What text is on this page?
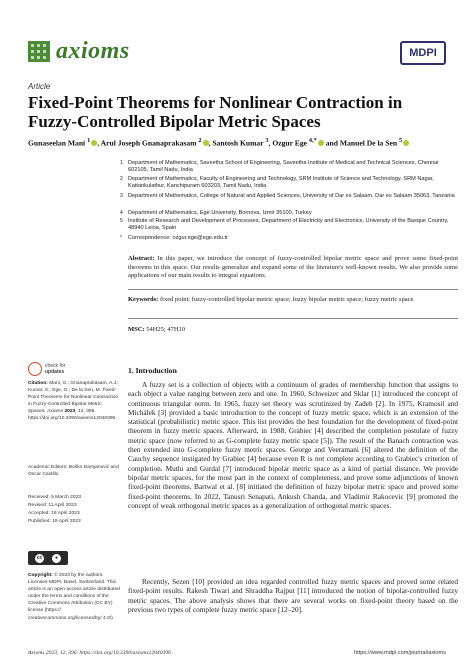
axioms	MDPI
Article
Fixed-Point Theorems for Nonlinear Contraction in Fuzzy-Controlled Bipolar Metric Spaces
Gunaseelan Mani $^1$ , Arul Joseph Gnanaprakasam $^2$ , Santosh Kumar $^3$, Ozgur Ege $^{4,*}$ and Manuel De la Sen $^5$
1 Department of Mathematics, Saveetha School of Engineering, Saveetha Institute of Medical and Technical Sciences, Chennai 602105, Tamil Nadu, India
2 Department of Mathematics, Faculty of Engineering and Technology, SRM Institute of Science and Technology, SRM Nagar, Kattankulathur, Kanchipuram 603203, Tamil Nadu, India
3 Department of Mathematics, College of Natural and Applied Sciences, University of Dar es Salaam, Dar es Salaam 35063, Tanzania
4 Department of Mathematics, Ege University, Bornova, Izmir 35100, Turkey
5 Institute of Research and Development of Processes, Department of Electricity and Electronics, University of the Basque Country, 48940 Leioa, Spain
* Correspondence: ozgur.ege@ege.edu.tr
Abstract: In this paper, we introduce the concept of fuzzy-controlled bipolar metric space and prove some fixed-point theorems in this space. Our results generalize and expand some of the literature's well-known results. We also provide some applications of our main results to integral equations.
Keywords: fixed point; fuzzy-controlled bipolar metric space; fuzzy bipolar metric space; fuzzy metric space
MSC: 54H25; 47H10
check for
updates
Citation: Mani, G.; Gnanaprakasam, A.J.; Kumar, S.; Ege, O.; De la Sen, M. Fixed-Point Theorems for Nonlinear Contraction in Fuzzy-Controlled Bipolar Metric Spaces. Axioms 2023, 12, 396. https://doi.org/10.3390/axioms12040396
Academic Editors: Boško Damjanović and Oscar Castillo
Received: 5 March 2023
Revised: 11 April 2023
Accepted: 18 April 2023
Published: 19 April 2023
cc	●
Copyright: © 2023 by the authors. Licensee MDPI, Basel, Switzerland. This article is an open access article distributed under the terms and conditions of the Creative Commons Attribution (CC BY) license (https:// creativecommons.org/licenses/by/ 4.0/).
1. Introduction
A fuzzy set is a collection of objects with a continuum of grades of membership function that assigns to each object a value ranging between zero and one. In 1960, Schweizer and Sklar [1] introduced the concept of continuous triangular norm. In 1965, fuzzy set theory was scrutinized by Zadeh [2]. In 1975, Kramosil and Michálek [3] provided a basic introduction to the concept of fuzzy metric space, which is an extension of the statistical (probabilistic) metric space. This list provides the best foundation for the development of fixed-point theorem in fuzzy metric spaces. Afterward, in 1988, Grabiec [4] described the completion postulate of fuzzy metric space (now referred to as G-complete fuzzy metric space [5]). The result of the Banach contraction was then extended into G-complete fuzzy metric spaces. George and Veeramani [6] altered the definition of the Cauchy sequence instigated by Grabiec [4] because even R is not complete according to Grabiec's criterion of completion. Mutlu and Gurdal [7] introduced bipolar metric space as a kind of partial distance. We provide bipolar metric spaces, for the most part in the context of completeness, and prove some adjunctions of known fixed-point theorems. Bartwal et al. [8] initiated the definition of fuzzy bipolar metric space and proved some fixed-point theorems. In 2022, Tanusri Senapati, Ankush Chanda, and Vladimir Rakocevic [9] promoted the concept of weak orthogonal metric spaces as a generalization of orthogonal metric spaces.
Recently, Sezen [10] provided an idea regarded controlled fuzzy metric spaces and proved some related fixed-point results. Rakesh Tiwari and Shraddha Rajput [11] introduced the notion of bipolar-controlled fuzzy metric spaces. The above analysis shows that there are several works on fixed-point theory based on the previous two types of complete fuzzy metric space [12–20].
Axioms 2023, 12, 396. https://doi.org/10.3390/axioms12040396	https://www.mdpi.com/journal/axioms
